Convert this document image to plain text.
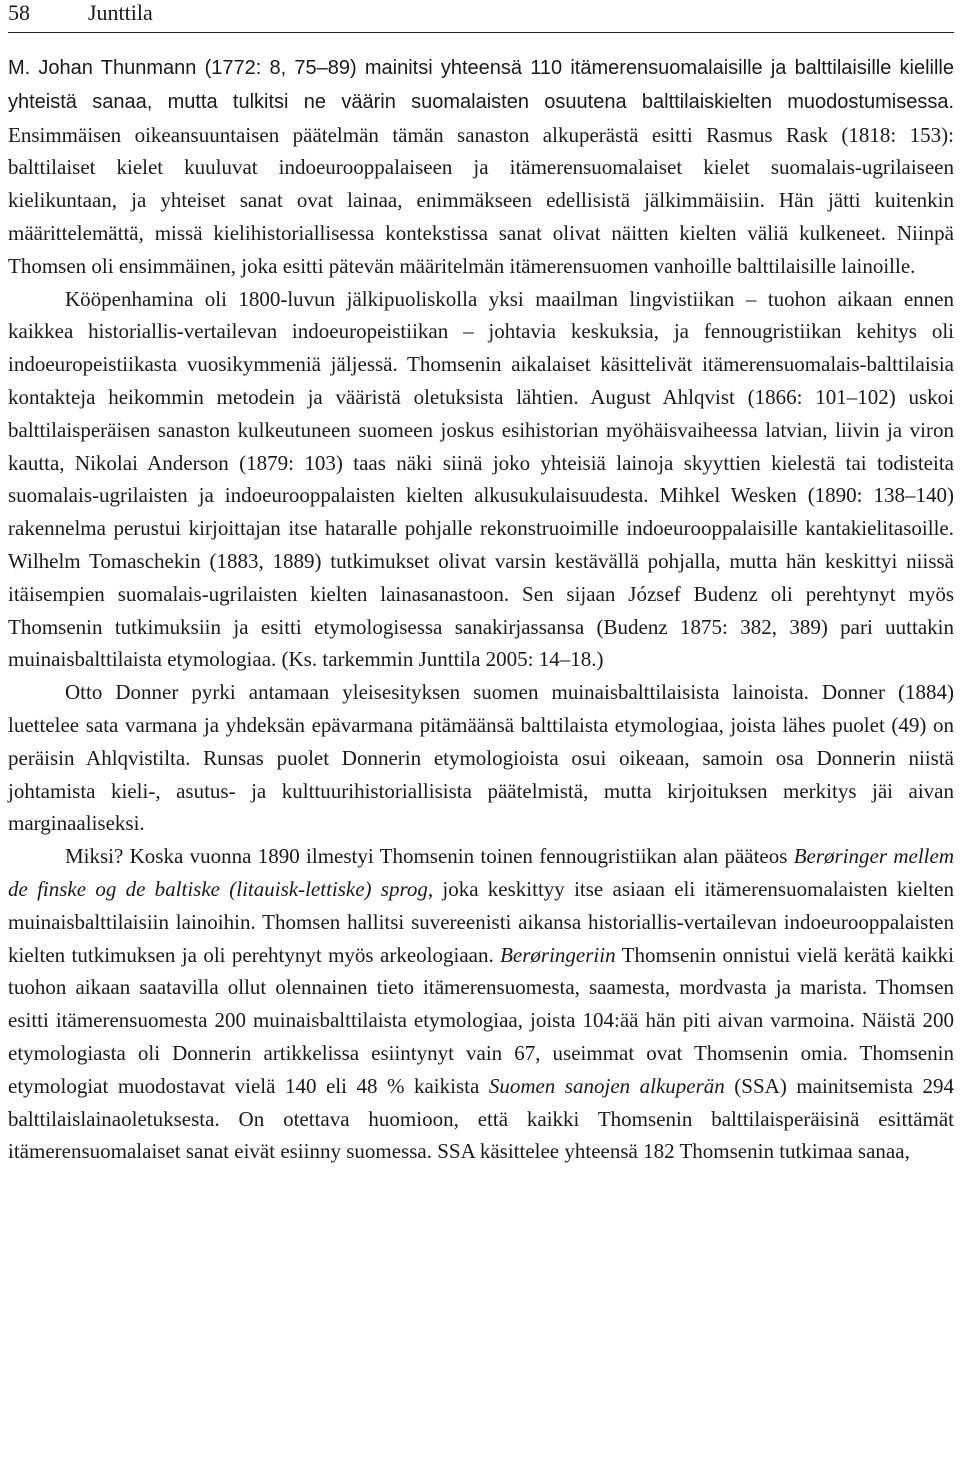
58	Junttila

M. Johan Thunmann (1772: 8, 75–89) mainitsi yhteensä 110 itämerensuomalaisille ja balttilaisille kielille yhteistä sanaa, mutta tulkitsi ne väärin suomalaisten osuutena balttilaiskielten muodostumisessa. Ensimmäisen oikeansuuntaisen päätelmän tämän sanaston alkuperästä esitti Rasmus Rask (1818: 153): balttilaiset kielet kuuluvat indoeurooppalaiseen ja itämerensuomalaiset kielet suomalais-ugrilaiseen kielikuntaan, ja yhteiset sanat ovat lainaa, enimmäkseen edellisistä jälkimmäisiin. Hän jätti kuitenkin määrittelemättä, missä kielihistoriallisessa kontekstissa sanat olivat näitten kielten väliä kulkeneet. Niinpä Thomsen oli ensimmäinen, joka esitti pätevän määritelmän itämerensuomen vanhoille balttilaisille lainoille.

Kööpenhamina oli 1800-luvun jälkipuoliskolla yksi maailman lingvistiikan – tuohon aikaan ennen kaikkea historiallis-vertailevan indoeuropeistiikan – johtavia keskuksia, ja fennougristiikan kehitys oli indoeuropeistiikasta vuosikymmeniä jäljessä. Thomsenin aikalaiset käsittelivät itämerensuomalais-balttilaisia kontakteja heikommin metodein ja vääristä oletuksista lähtien. August Ahlqvist (1866: 101–102) uskoi balttilaisperäisen sanaston kulkeutuneen suomeen joskus esihistorian myöhäisvaiheessa latvian, liivin ja viron kautta, Nikolai Anderson (1879: 103) taas näki siinä joko yhteisiä lainoja skyyttien kielestä tai todisteita suomalais-ugrilaisten ja indoeurooppalaisten kielten alkusukulaisuudesta. Mihkel Wesken (1890: 138–140) rakennelma perustui kirjoittajan itse hataralle pohjalle rekonstruoimille indoeurooppalaisille kantakielitasoille. Wilhelm Tomaschekin (1883, 1889) tutkimukset olivat varsin kestävällä pohjalla, mutta hän keskittyi niissä itäisempien suomalais-ugrilaisten kielten lainasanastoon. Sen sijaan József Budenz oli perehtynyt myös Thomsenin tutkimuksiin ja esitti etymologisessa sanakirjassansa (Budenz 1875: 382, 389) pari uuttakin muinaisbalttilaista etymologiaa. (Ks. tarkemmin Junttila 2005: 14–18.)

Otto Donner pyrki antamaan yleisesityksen suomen muinaisbalttilaisista lainoista. Donner (1884) luettelee sata varmana ja yhdeksän epävarmana pitämäänsä balttilaista etymologiaa, joista lähes puolet (49) on peräisin Ahlqvistilta. Runsas puolet Donnerin etymologioista osui oikeaan, samoin osa Donnerin niistä johtamista kieli-, asutus- ja kulttuurihistoriallisista päätelmistä, mutta kirjoituksen merkitys jäi aivan marginaaliseksi.

Miksi? Koska vuonna 1890 ilmestyi Thomsenin toinen fennougristiikan alan pääteos Berøringer mellem de finske og de baltiske (litauisk-lettiske) sprog, joka keskittyy itse asiaan eli itämerensuomalaisten kielten muinaisbalttilaisiin lainoihin. Thomsen hallitsi suvereenisti aikansa historiallis-vertailevan indoeurooppalaisten kielten tutkimuksen ja oli perehtynyt myös arkeologiaan. Berøringeriin Thomsenin onnistui vielä kerätä kaikki tuohon aikaan saatavilla ollut olennainen tieto itämerensuomesta, saamesta, mordvasta ja marista. Thomsen esitti itämerensuomesta 200 muinaisbalttilaista etymologiaa, joista 104:ää hän piti aivan varmoina. Näistä 200 etymologiasta oli Donnerin artikkelissa esiintynyt vain 67, useimmat ovat Thomsenin omia. Thomsenin etymologiat muodostavat vielä 140 eli 48 % kaikista Suomen sanojen alkuperän (SSA) mainitsemista 294 balttilaislainaoletuksesta. On otettava huomioon, että kaikki Thomsenin balttilaisperäisinä esittämät itämerensuomalaiset sanat eivät esiinny suomessa. SSA käsittelee yhteensä 182 Thomsenin tutkimaa sanaa,
